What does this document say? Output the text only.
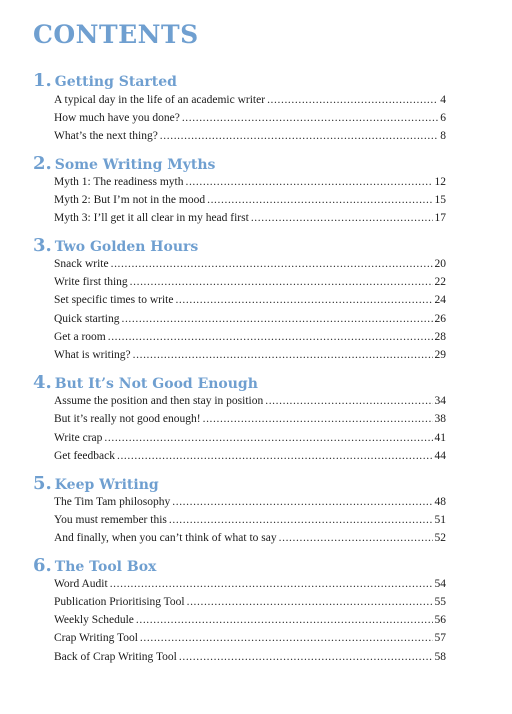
CONTENTS
1. Getting Started
A typical day in the life of an academic writer .....	4
How much have you done? .....	6
What’s the next thing? .....	8
2. Some Writing Myths
Myth 1: The readiness myth .....	12
Myth 2: But I’m not in the mood .....	15
Myth 3: I’ll get it all clear in my head first .....	17
3. Two Golden Hours
Snack write .....	20
Write first thing .....	22
Set specific times to write .....	24
Quick starting .....	26
Get a room .....	28
What is writing? .....	29
4. But It’s Not Good Enough
Assume the position and then stay in position .....	34
But it’s really not good enough! .....	38
Write crap .....	41
Get feedback .....	44
5. Keep Writing
The Tim Tam philosophy .....	48
You must remember this .....	51
And finally, when you can’t think of what to say .....	52
6. The Tool Box
Word Audit .....	54
Publication Prioritising Tool .....	55
Weekly Schedule .....	56
Crap Writing Tool .....	57
Back of Crap Writing Tool .....	58
